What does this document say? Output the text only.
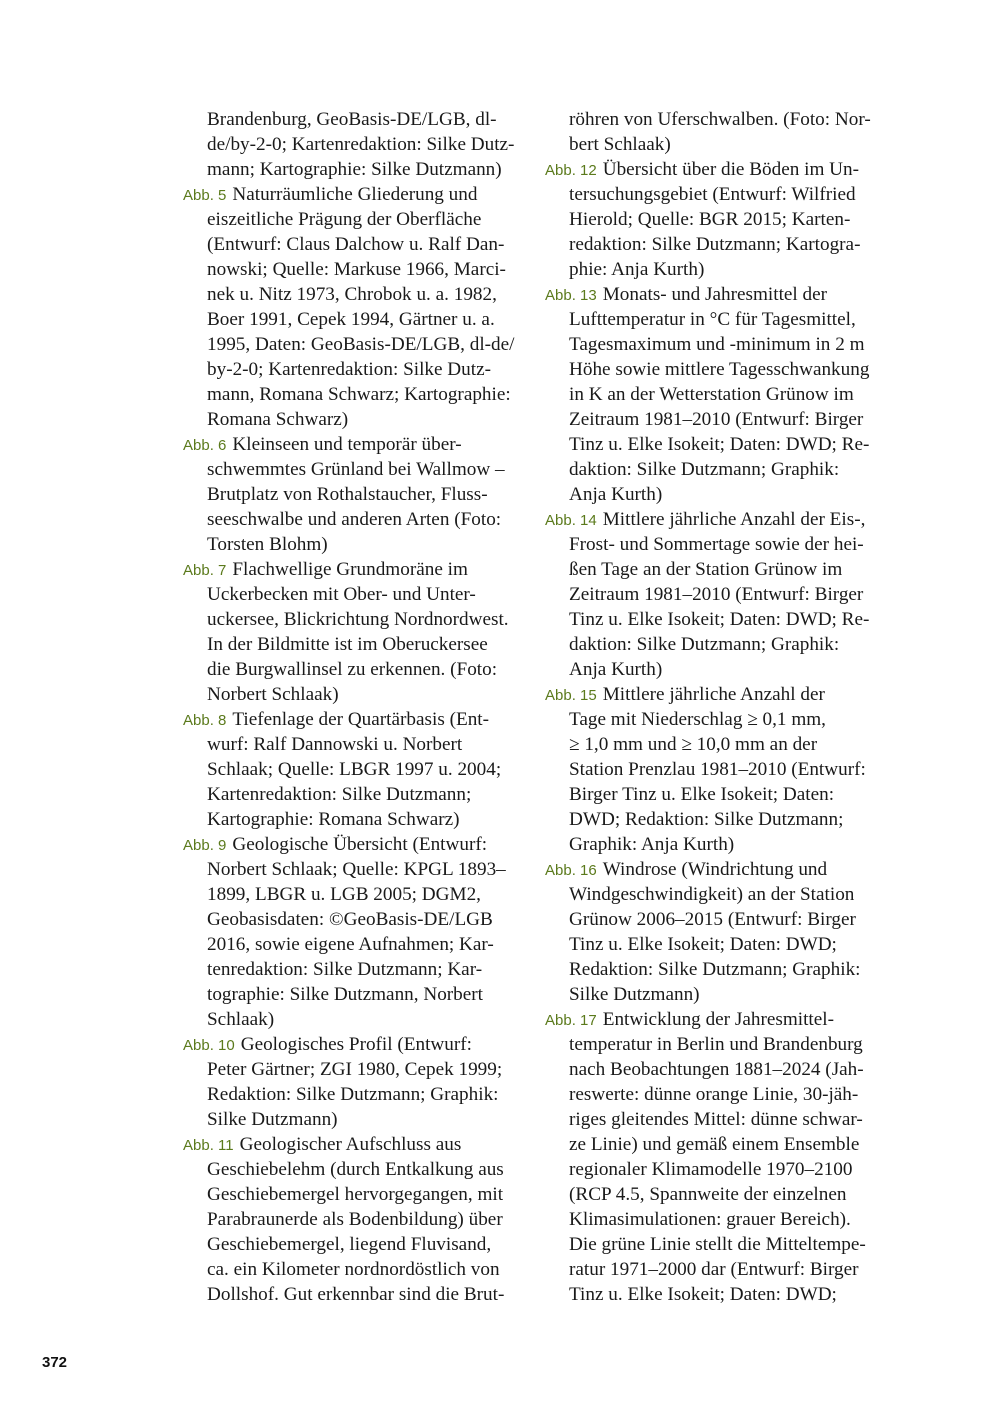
Brandenburg, GeoBasis-DE/LGB, dl-
de/by-2-0; Kartenredaktion: Silke Dutz-
mann; Kartographie: Silke Dutzmann)
Abb. 5 Naturräumliche Gliederung und
eiszeitliche Prägung der Oberfläche
(Entwurf: Claus Dalchow u. Ralf Dan-
nowski; Quelle: Markuse 1966, Marci-
nek u. Nitz 1973, Chrobok u. a. 1982,
Boer 1991, Cepek 1994, Gärtner u. a.
1995, Daten: GeoBasis-DE/LGB, dl-de/
by-2-0; Kartenredaktion: Silke Dutz-
mann, Romana Schwarz; Kartographie:
Romana Schwarz)
Abb. 6 Kleinseen und temporär über-
schwemmtes Grünland bei Wallmow –
Brutplatz von Rothalstaucher, Fluss-
seeschwalbe und anderen Arten (Foto:
Torsten Blohm)
Abb. 7 Flachwellige Grundmoräne im
Uckerbecken mit Ober- und Unter-
uckersee, Blickrichtung Nordnordwest.
In der Bildmitte ist im Oberuckersee
die Burgwallinsel zu erkennen. (Foto:
Norbert Schlaak)
Abb. 8 Tiefenlage der Quartärbasis (Ent-
wurf: Ralf Dannowski u. Norbert
Schlaak; Quelle: LBGR 1997 u. 2004;
Kartenredaktion: Silke Dutzmann;
Kartographie: Romana Schwarz)
Abb. 9 Geologische Übersicht (Entwurf:
Norbert Schlaak; Quelle: KPGL 1893–
1899, LBGR u. LGB 2005; DGM2,
Geobasisdaten: ©GeoBasis-DE/LGB
2016, sowie eigene Aufnahmen; Kar-
tenredaktion: Silke Dutzmann; Kar-
tographie: Silke Dutzmann, Norbert
Schlaak)
Abb. 10 Geologisches Profil (Entwurf:
Peter Gärtner; ZGI 1980, Cepek 1999;
Redaktion: Silke Dutzmann; Graphik:
Silke Dutzmann)
Abb. 11 Geologischer Aufschluss aus
Geschiebelehm (durch Entkalkung aus
Geschiebemergel hervorgegangen, mit
Parabraunerde als Bodenbildung) über
Geschiebemergel, liegend Fluvisand,
ca. ein Kilometer nordnordöstlich von
Dollshof. Gut erkennbar sind die Brut-
röhren von Uferschwalben. (Foto: Nor-
bert Schlaak)
Abb. 12 Übersicht über die Böden im Un-
tersuchungsgebiet (Entwurf: Wilfried
Hierold; Quelle: BGR 2015; Karten-
redaktion: Silke Dutzmann; Kartogra-
phie: Anja Kurth)
Abb. 13 Monats- und Jahresmittel der
Lufttemperatur in °C für Tagesmittel,
Tagesmaximum und -minimum in 2 m
Höhe sowie mittlere Tagesschwankung
in K an der Wetterstation Grünow im
Zeitraum 1981–2010 (Entwurf: Birger
Tinz u. Elke Isokeit; Daten: DWD; Re-
daktion: Silke Dutzmann; Graphik:
Anja Kurth)
Abb. 14 Mittlere jährliche Anzahl der Eis-,
Frost- und Sommertage sowie der hei-
ßen Tage an der Station Grünow im
Zeitraum 1981–2010 (Entwurf: Birger
Tinz u. Elke Isokeit; Daten: DWD; Re-
daktion: Silke Dutzmann; Graphik:
Anja Kurth)
Abb. 15 Mittlere jährliche Anzahl der
Tage mit Niederschlag ≥ 0,1 mm,
≥ 1,0 mm und ≥ 10,0 mm an der
Station Prenzlau 1981–2010 (Entwurf:
Birger Tinz u. Elke Isokeit; Daten:
DWD; Redaktion: Silke Dutzmann;
Graphik: Anja Kurth)
Abb. 16 Windrose (Windrichtung und
Windgeschwindigkeit) an der Station
Grünow 2006–2015 (Entwurf: Birger
Tinz u. Elke Isokeit; Daten: DWD;
Redaktion: Silke Dutzmann; Graphik:
Silke Dutzmann)
Abb. 17 Entwicklung der Jahresmittel-
temperatur in Berlin und Brandenburg
nach Beobachtungen 1881–2024 (Jah-
reswerte: dünne orange Linie, 30-jäh-
riges gleitendes Mittel: dünne schwar-
ze Linie) und gemäß einem Ensemble
regionaler Klimamodelle 1970–2100
(RCP 4.5, Spannweite der einzelnen
Klimasimulationen: grauer Bereich).
Die grüne Linie stellt die Mitteltempe-
ratur 1971–2000 dar (Entwurf: Birger
Tinz u. Elke Isokeit; Daten: DWD;
372
